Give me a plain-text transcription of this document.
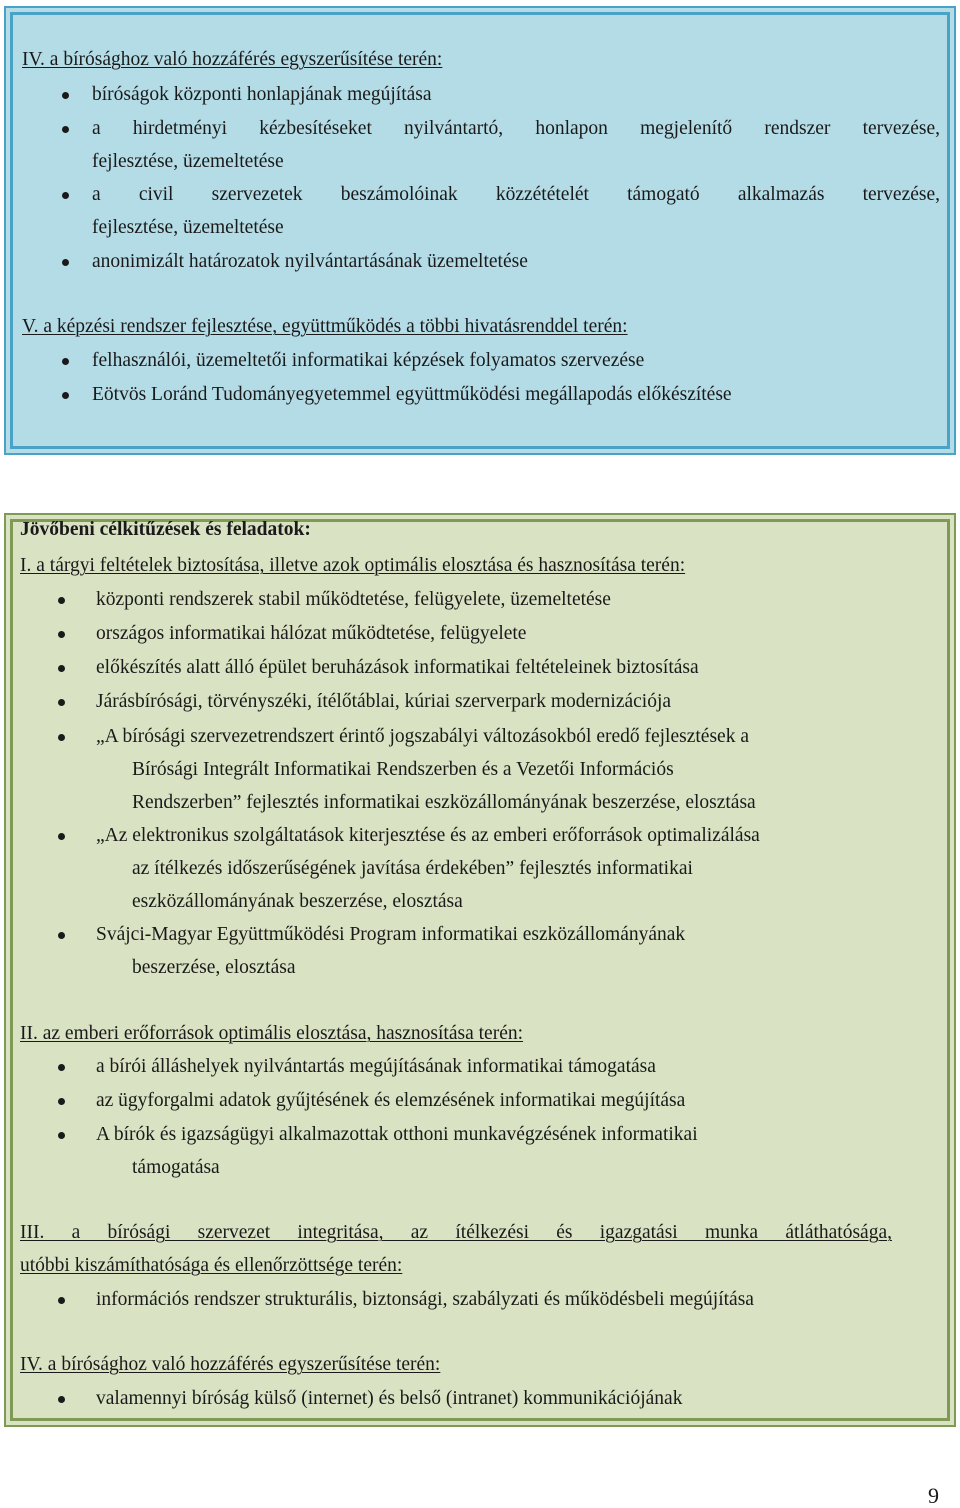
IV. a bírósághoz való hozzáférés egyszerűsítése terén:

bíróságok központi honlapjának megújítása

a hirdetményi kézbesítéseket nyilvántartó, honlapon megjelenítő rendszer tervezése,

fejlesztése, üzemeltetése

a civil szervezetek beszámolóinak közzétételét támogató alkalmazás tervezése,

fejlesztése, üzemeltetése

anonimizált határozatok nyilvántartásának üzemeltetése

V. a képzési rendszer fejlesztése, együttműködés a többi hivatásrenddel terén:

felhasználói, üzemeltetői informatikai képzések folyamatos szervezése

Eötvös Loránd Tudományegyetemmel együttműködési megállapodás előkészítése

Jövőbeni célkitűzések és feladatok:

I. a tárgyi feltételek biztosítása, illetve azok optimális elosztása és hasznosítása terén:

központi rendszerek stabil működtetése, felügyelete, üzemeltetése

országos informatikai hálózat működtetése, felügyelete

előkészítés alatt álló épület beruházások informatikai feltételeinek biztosítása

Járásbírósági, törvényszéki, ítélőtáblai, kúriai szerverpark modernizációja

„A bírósági szervezetrendszert érintő jogszabályi változásokból eredő fejlesztések a

Bírósági Integrált Informatikai Rendszerben és a Vezetői Információs

Rendszerben” fejlesztés informatikai eszközállományának beszerzése, elosztása

„Az elektronikus szolgáltatások kiterjesztése és az emberi erőforrások optimalizálása

az ítélkezés időszerűségének javítása érdekében” fejlesztés informatikai

eszközállományának beszerzése, elosztása

Svájci-Magyar Együttműködési Program informatikai eszközállományának

beszerzése, elosztása

II. az emberi erőforrások optimális elosztása, hasznosítása terén:

a bírói álláshelyek nyilvántartás megújításának informatikai támogatása

az ügyforgalmi adatok gyűjtésének és elemzésének informatikai megújítása

A bírók és igazságügyi alkalmazottak otthoni munkavégzésének informatikai

támogatása

III. a bírósági szervezet integritása, az ítélkezési és igazgatási munka átláthatósága,

utóbbi kiszámíthatósága és ellenőrzöttsége terén:

információs rendszer strukturális, biztonsági, szabályzati és működésbeli megújítása

IV. a bírósághoz való hozzáférés egyszerűsítése terén:

valamennyi bíróság külső (internet) és belső (intranet) kommunikációjának

9
